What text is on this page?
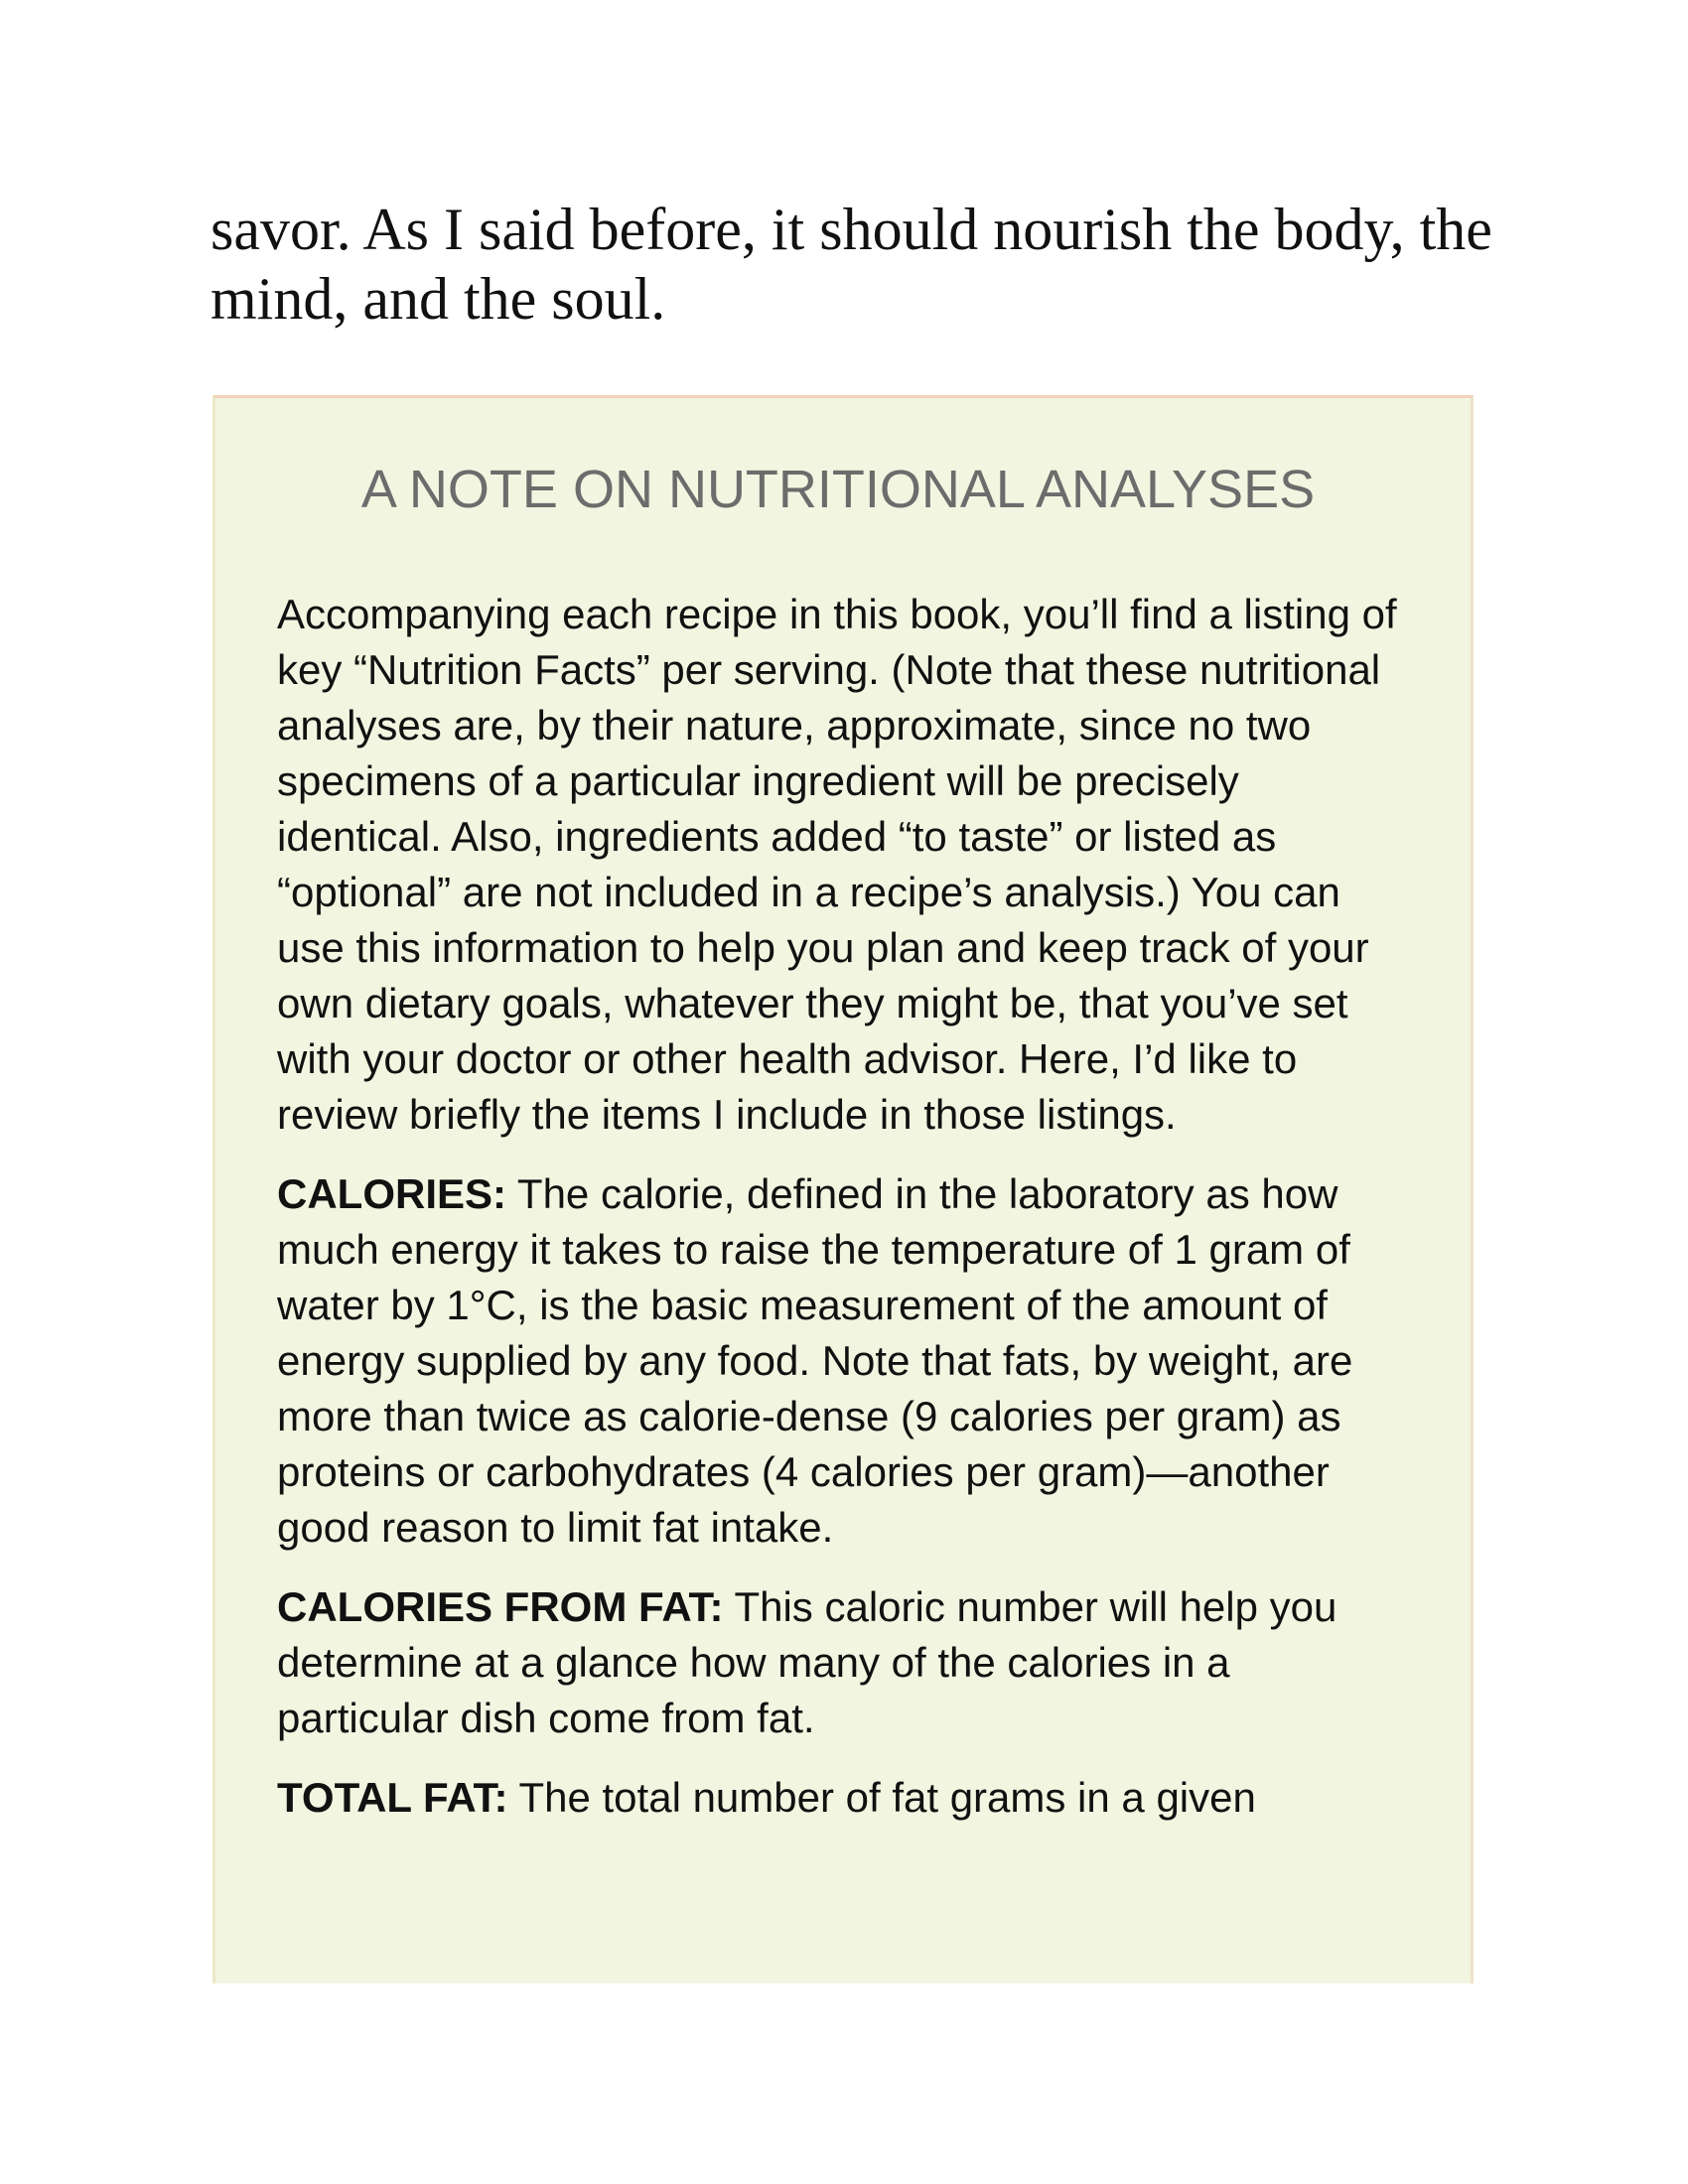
savor. As I said before, it should nourish the body, the mind, and the soul.

A NOTE ON NUTRITIONAL ANALYSES

Accompanying each recipe in this book, you’ll find a listing of key “Nutrition Facts” per serving. (Note that these nutritional analyses are, by their nature, approximate, since no two specimens of a particular ingredient will be precisely identical. Also, ingredients added “to taste” or listed as “optional” are not included in a recipe’s analysis.) You can use this information to help you plan and keep track of your own dietary goals, whatever they might be, that you’ve set with your doctor or other health advisor. Here, I’d like to review briefly the items I include in those listings.

CALORIES: The calorie, defined in the laboratory as how much energy it takes to raise the temperature of 1 gram of water by 1°C, is the basic measurement of the amount of energy supplied by any food. Note that fats, by weight, are more than twice as calorie-dense (9 calories per gram) as proteins or carbohydrates (4 calories per gram)—another good reason to limit fat intake.

CALORIES FROM FAT: This caloric number will help you determine at a glance how many of the calories in a particular dish come from fat.

TOTAL FAT: The total number of fat grams in a given
